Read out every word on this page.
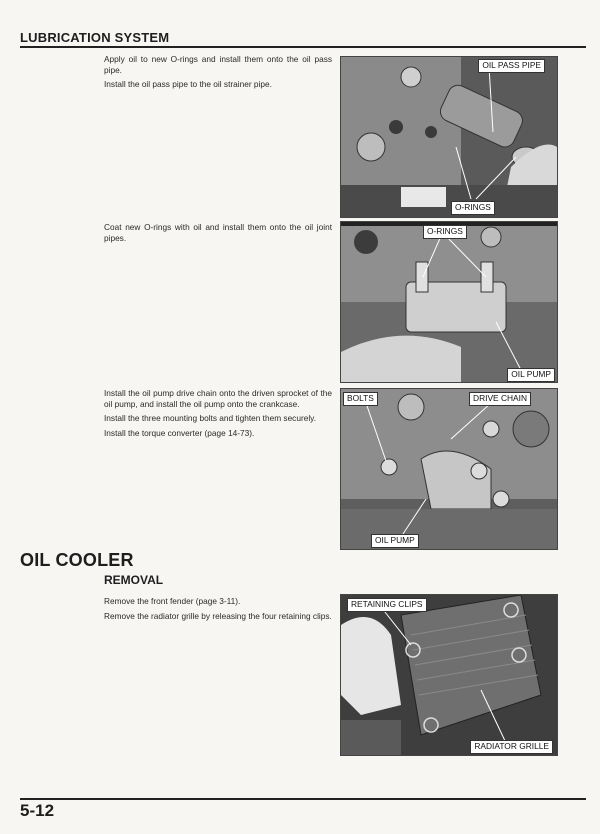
LUBRICATION SYSTEM

Apply oil to new O-rings and install them onto the oil pass pipe.

Install the oil pass pipe to the oil strainer pipe.

OIL PASS PIPE
O-RINGS

Coat new O-rings with oil and install them onto the oil joint pipes.

O-RINGS
OIL PUMP

Install the oil pump drive chain onto the driven sprocket of the oil pump, and install the oil pump onto the crankcase.

Install the three mounting bolts and tighten them securely.

Install the torque converter (page 14-73).

BOLTS	DRIVE CHAIN
OIL PUMP
OIL COOLER
REMOVAL

Remove the front fender (page 3-11).

Remove the radiator grille by releasing the four retaining clips.

RETAINING CLIPS
RADIATOR GRILLE
5-12
